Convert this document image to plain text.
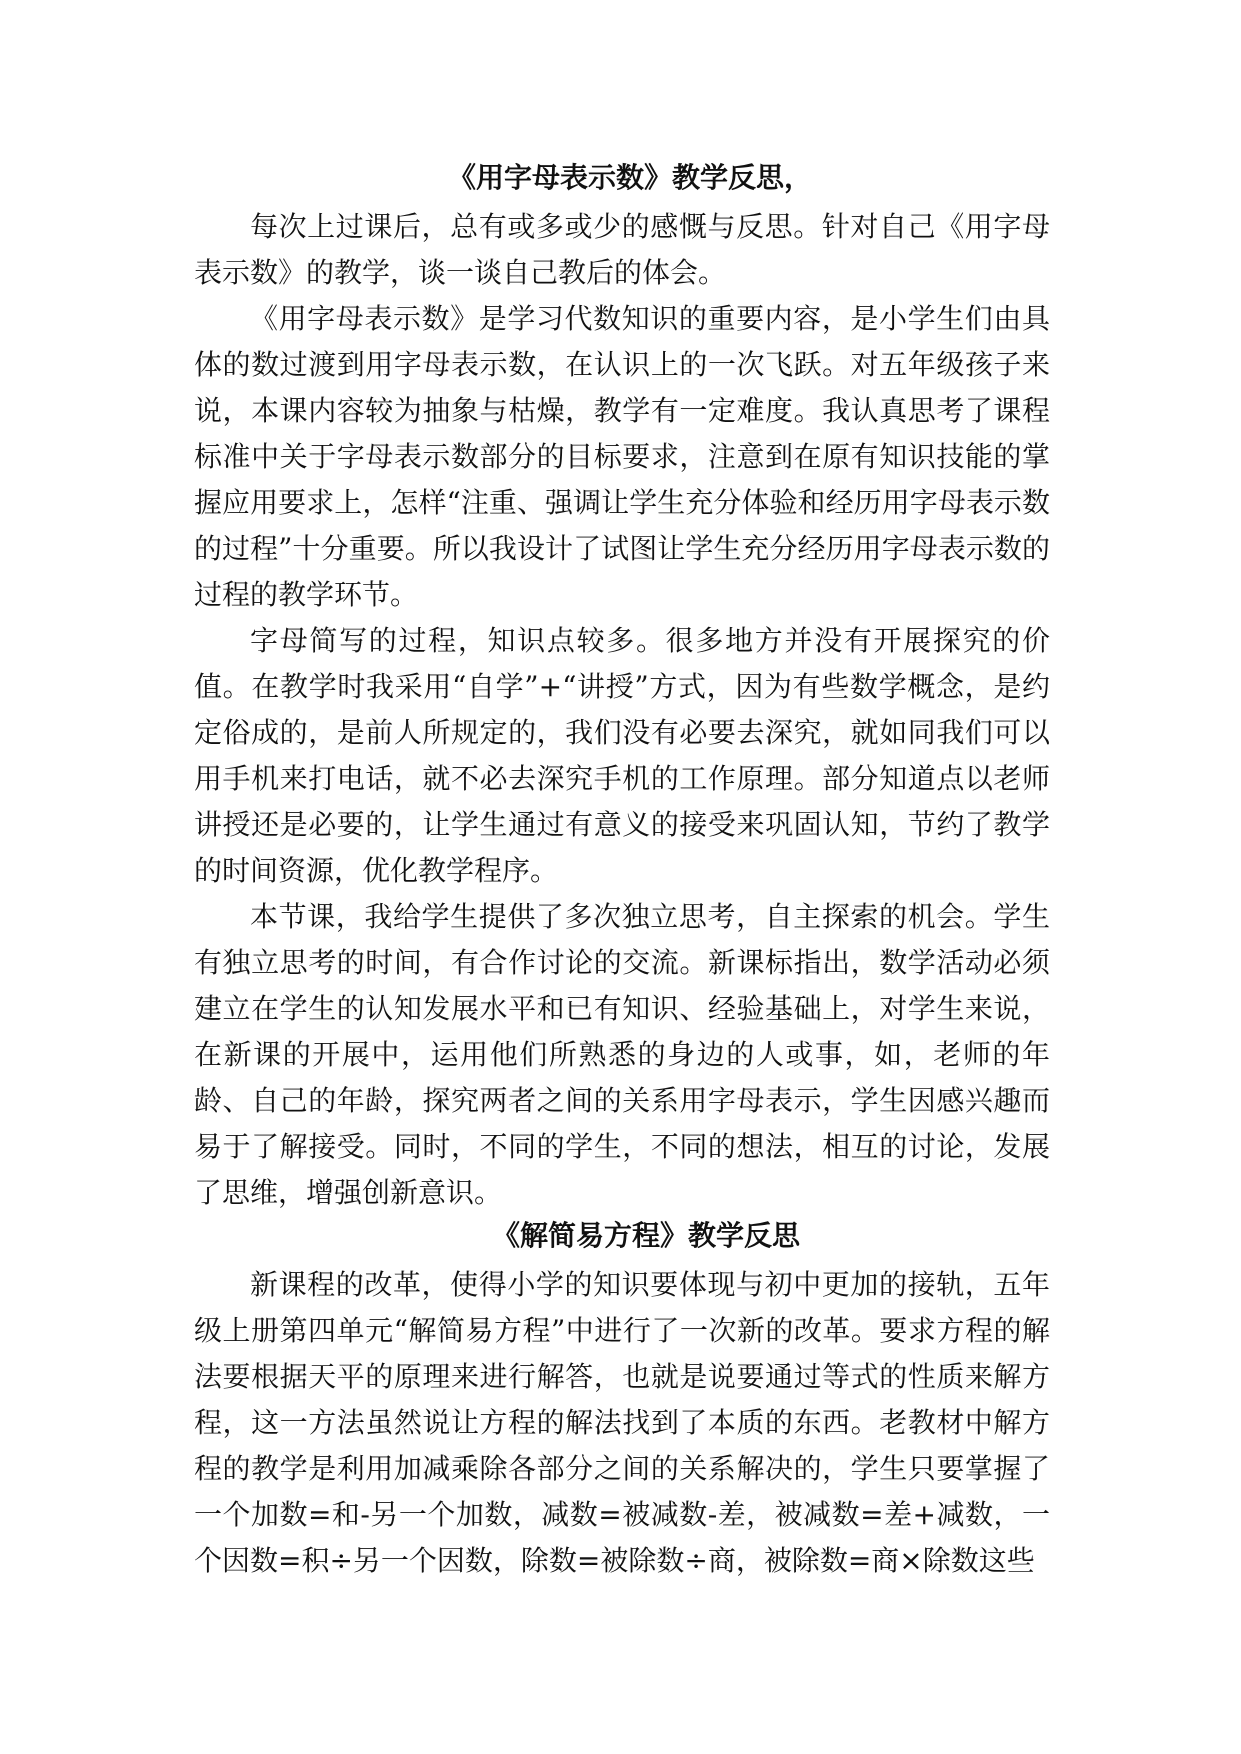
《用字母表示数》教学反思，

每次上过课后，总有或多或少的感慨与反思。针对自己《用字母表示数》的教学，谈一谈自己教后的体会。

《用字母表示数》是学习代数知识的重要内容，是小学生们由具体的数过渡到用字母表示数，在认识上的一次飞跃。对五年级孩子来说，本课内容较为抽象与枯燥，教学有一定难度。我认真思考了课程标准中关于字母表示数部分的目标要求，注意到在原有知识技能的掌握应用要求上，怎样“注重、强调让学生充分体验和经历用字母表示数的过程”十分重要。所以我设计了试图让学生充分经历用字母表示数的过程的教学环节。

字母简写的过程，知识点较多。很多地方并没有开展探究的价值。在教学时我采用“自学”+“讲授”方式，因为有些数学概念，是约定俗成的，是前人所规定的，我们没有必要去深究，就如同我们可以用手机来打电话，就不必去深究手机的工作原理。部分知道点以老师讲授还是必要的，让学生通过有意义的接受来巩固认知，节约了教学的时间资源，优化教学程序。

本节课，我给学生提供了多次独立思考，自主探索的机会。学生有独立思考的时间，有合作讨论的交流。新课标指出，数学活动必须建立在学生的认知发展水平和已有知识、经验基础上，对学生来说，在新课的开展中，运用他们所熟悉的身边的人或事，如，老师的年龄、自己的年龄，探究两者之间的关系用字母表示，学生因感兴趣而易于了解接受。同时，不同的学生，不同的想法，相互的讨论，发展了思维，增强创新意识。

《解简易方程》教学反思

新课程的改革，使得小学的知识要体现与初中更加的接轨，五年级上册第四单元“解简易方程”中进行了一次新的改革。要求方程的解法要根据天平的原理来进行解答，也就是说要通过等式的性质来解方程，这一方法虽然说让方程的解法找到了本质的东西。老教材中解方程的教学是利用加减乘除各部分之间的关系解决的，学生只要掌握了一个加数=和-另一个加数，减数=被减数-差，被减数=差+减数，一个因数=积÷另一个因数，除数=被除数÷商，被除数=商×除数这些
